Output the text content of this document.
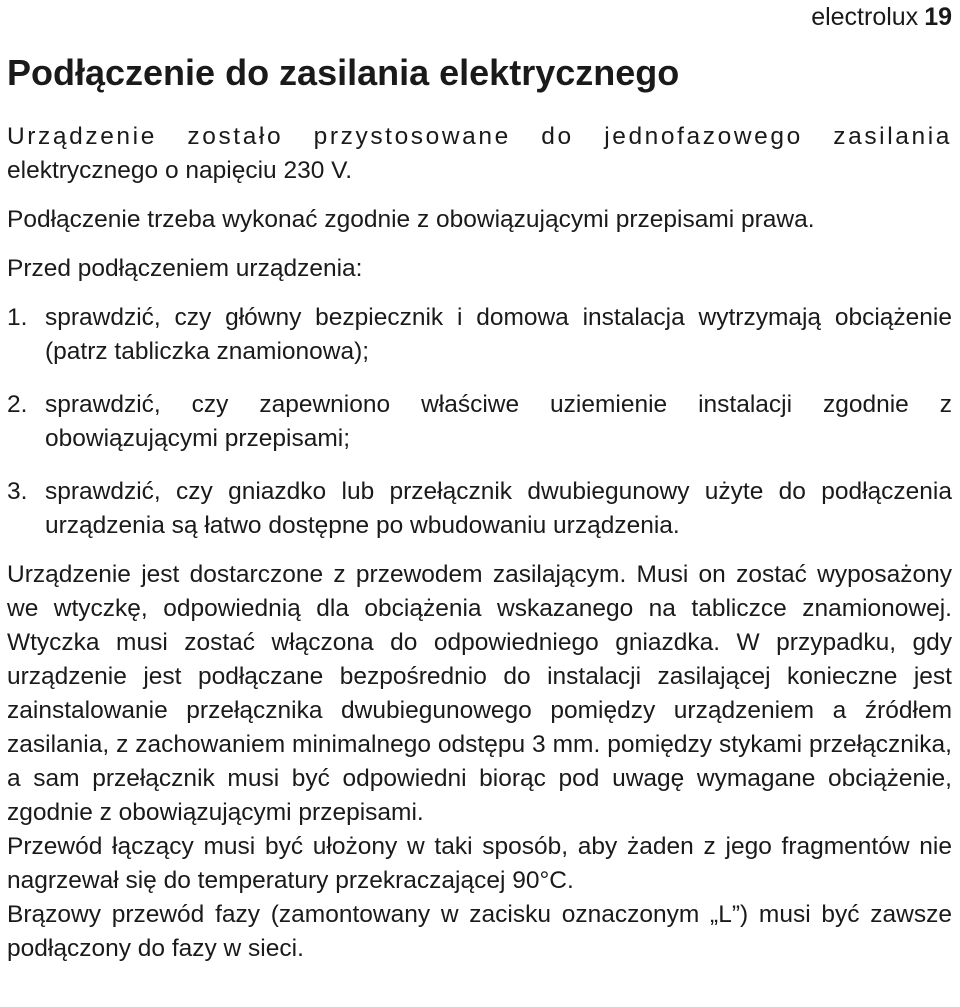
electrolux 19
Podłączenie do zasilania elektrycznego

Urządzenie zostało przystosowane do jednofazowego zasilania

elektrycznego o napięciu 230 V.

Podłączenie trzeba wykonać zgodnie z obowiązującymi przepisami prawa.

Przed podłączeniem urządzenia:

1. sprawdzić, czy główny bezpiecznik i domowa instalacja wytrzymają obciążenie (patrz tabliczka znamionowa);
2. sprawdzić, czy zapewniono właściwe uziemienie instalacji zgodnie z obowiązującymi przepisami;
3. sprawdzić, czy gniazdko lub przełącznik dwubiegunowy użyte do podłączenia urządzenia są łatwo dostępne po wbudowaniu urządzenia.

Urządzenie jest dostarczone z przewodem zasilającym. Musi on zostać wyposażony we wtyczkę, odpowiednią dla obciążenia wskazanego na tabliczce znamionowej. Wtyczka musi zostać włączona do odpowiedniego gniazdka. W przypadku, gdy urządzenie jest podłączane bezpośrednio do instalacji zasilającej konieczne jest zainstalowanie przełącznika dwubiegunowego pomiędzy urządzeniem a źródłem zasilania, z zachowaniem minimalnego odstępu 3 mm. pomiędzy stykami przełącznika, a sam przełącznik musi być odpowiedni biorąc pod uwagę wymagane obciążenie, zgodnie z obowiązującymi przepisami.

Przewód łączący musi być ułożony w taki sposób, aby żaden z jego fragmentów nie nagrzewał się do temperatury przekraczającej 90°C.

Brązowy przewód fazy (zamontowany w zacisku oznaczonym „L”) musi być zawsze podłączony do fazy w sieci.
